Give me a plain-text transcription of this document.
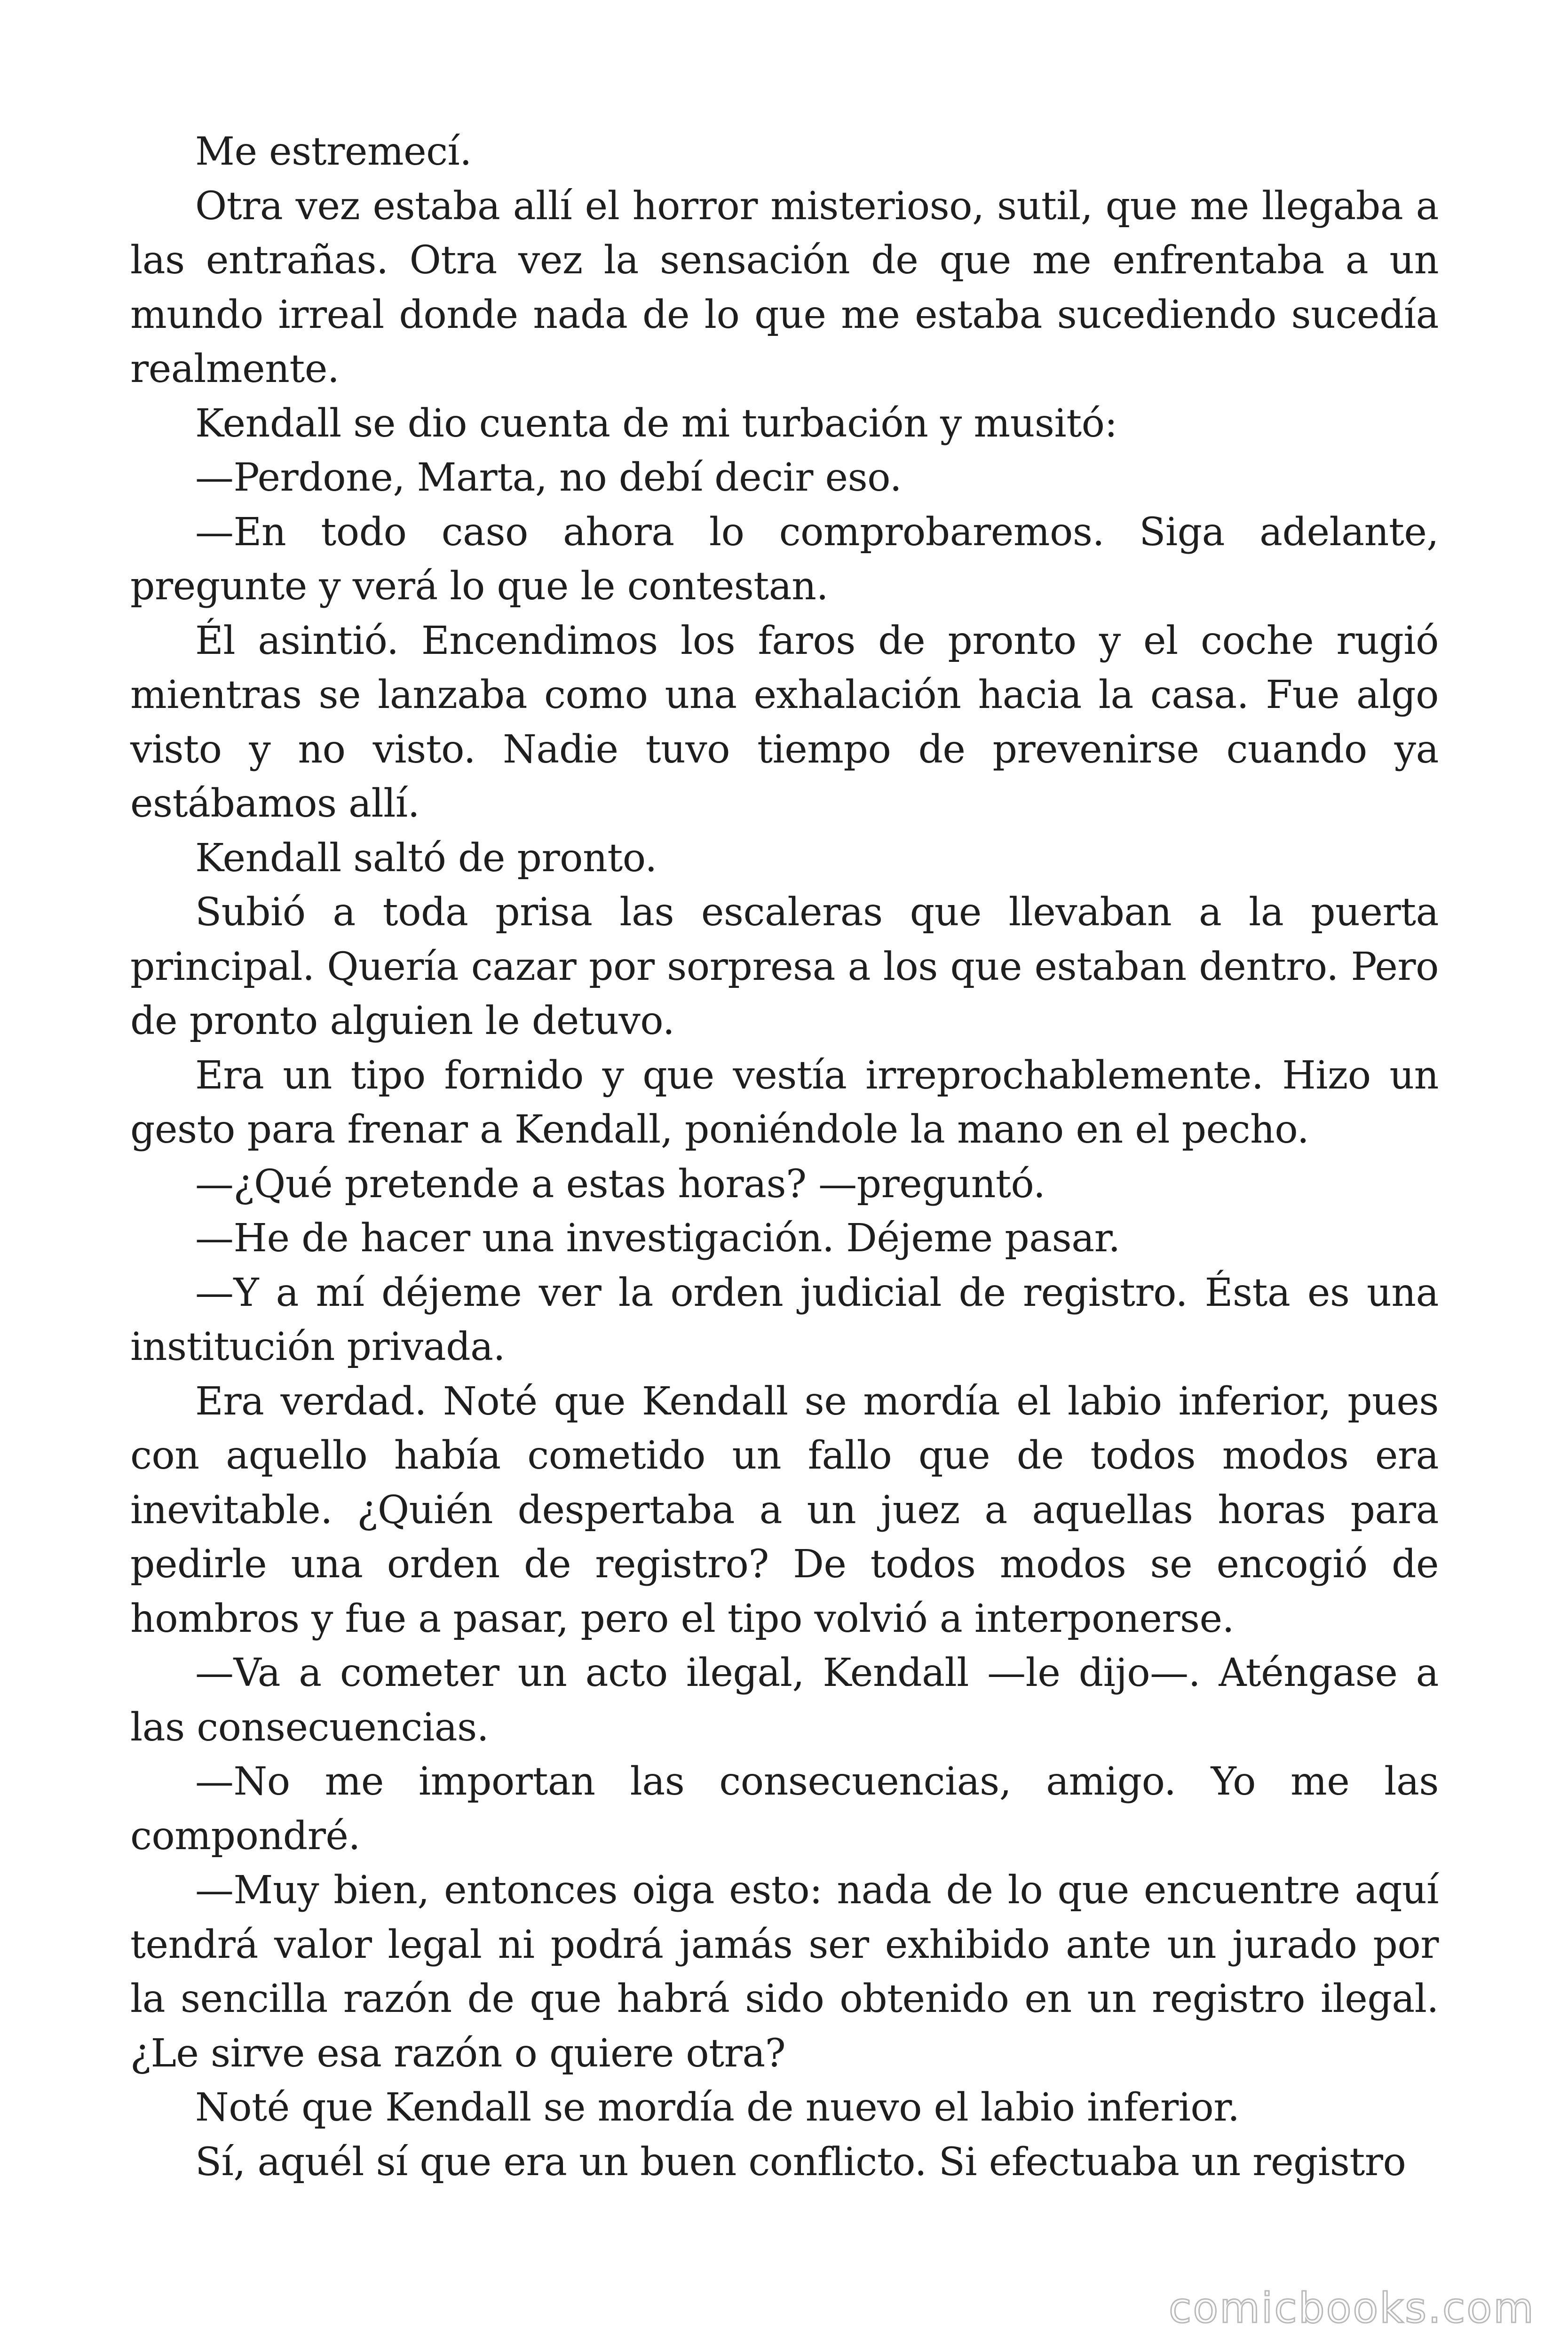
Me estremecí.

Otra vez estaba allí el horror misterioso, sutil, que me llegaba a las entrañas. Otra vez la sensación de que me enfrentaba a un mundo irreal donde nada de lo que me estaba sucediendo sucedía realmente.

Kendall se dio cuenta de mi turbación y musitó:

—Perdone, Marta, no debí decir eso.

—En todo caso ahora lo comprobaremos. Siga adelante, pregunte y verá lo que le contestan.

Él asintió. Encendimos los faros de pronto y el coche rugió mientras se lanzaba como una exhalación hacia la casa. Fue algo visto y no visto. Nadie tuvo tiempo de prevenirse cuando ya estábamos allí.

Kendall saltó de pronto.

Subió a toda prisa las escaleras que llevaban a la puerta principal. Quería cazar por sorpresa a los que estaban dentro. Pero de pronto alguien le detuvo.

Era un tipo fornido y que vestía irreprochablemente. Hizo un gesto para frenar a Kendall, poniéndole la mano en el pecho.

—¿Qué pretende a estas horas? —preguntó.

—He de hacer una investigación. Déjeme pasar.

—Y a mí déjeme ver la orden judicial de registro. Ésta es una institución privada.

Era verdad. Noté que Kendall se mordía el labio inferior, pues con aquello había cometido un fallo que de todos modos era inevitable. ¿Quién despertaba a un juez a aquellas horas para pedirle una orden de registro? De todos modos se encogió de hombros y fue a pasar, pero el tipo volvió a interponerse.

—Va a cometer un acto ilegal, Kendall —le dijo—. Aténgase a las consecuencias.

—No me importan las consecuencias, amigo. Yo me las compondré.

—Muy bien, entonces oiga esto: nada de lo que encuentre aquí tendrá valor legal ni podrá jamás ser exhibido ante un jurado por la sencilla razón de que habrá sido obtenido en un registro ilegal. ¿Le sirve esa razón o quiere otra?

Noté que Kendall se mordía de nuevo el labio inferior.

Sí, aquél sí que era un buen conflicto. Si efectuaba un registro

comicbooks.com
